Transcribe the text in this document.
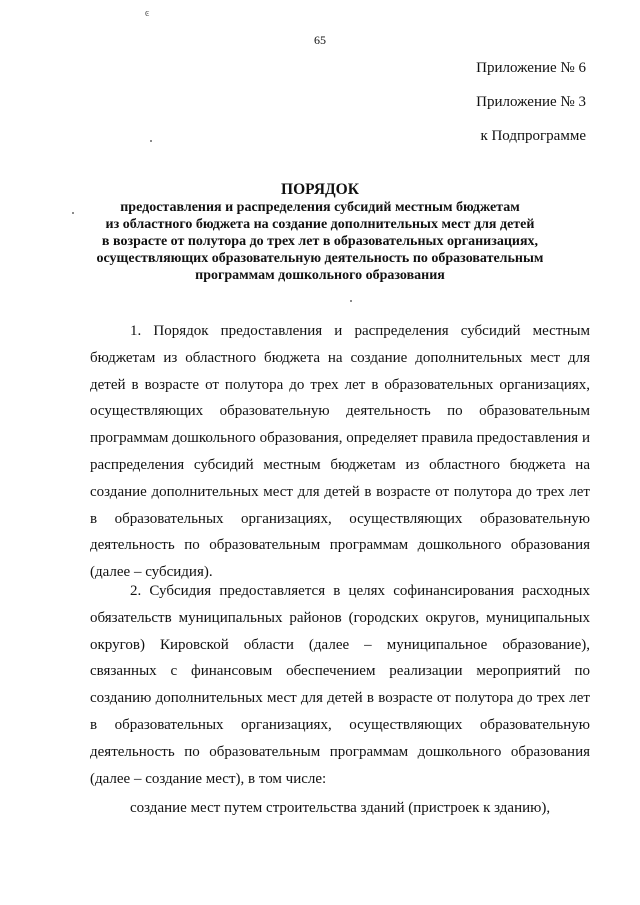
ͼ
65
Приложение № 6
Приложение № 3
к Подпрограмме
ПОРЯДОК
предоставления и распределения субсидий местным бюджетам
из областного бюджета на создание дополнительных мест для детей
в возрасте от полутора до трех лет в образовательных организациях,
осуществляющих образовательную деятельность по образовательным
программам дошкольного образования

1. Порядок предоставления и распределения субсидий местным бюджетам из областного бюджета на создание дополнительных мест для детей в возрасте от полутора до трех лет в образовательных организациях, осуществляющих образовательную деятельность по образовательным программам дошкольного образования, определяет правила предоставления и распределения субсидий местным бюджетам из областного бюджета на создание дополнительных мест для детей в возрасте от полутора до трех лет в образовательных организациях, осуществляющих образовательную деятельность по образовательным программам дошкольного образования (далее – субсидия).

2. Субсидия предоставляется в целях софинансирования расходных обязательств муниципальных районов (городских округов, муниципальных округов) Кировской области (далее – муниципальное образование), связанных с финансовым обеспечением реализации мероприятий по созданию дополнительных мест для детей в возрасте от полутора до трех лет в образовательных организациях, осуществляющих образовательную деятельность по образовательным программам дошкольного образования (далее – создание мест), в том числе:

создание мест путем строительства зданий (пристроек к зданию),
